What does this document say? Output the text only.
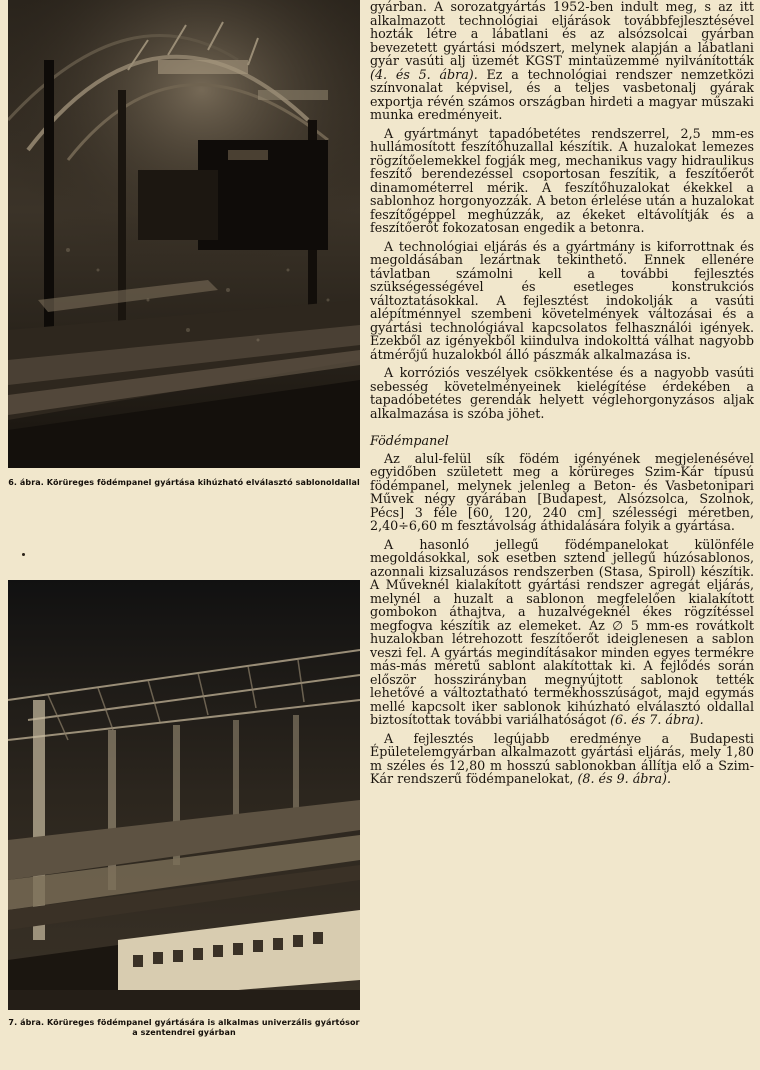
6. ábra. Körüreges födémpanel gyártása kihúzható elválasztó sablonoldallal
7. ábra. Körüreges födémpanel gyártására is alkalmas univerzális gyártósor a szentendrei gyárban

gyárban. A sorozatgyártás 1952-ben indult meg, s az itt alkalmazott technológiai eljárások továbbfejlesztésével hozták létre a lábatlani és az alsózsolcai gyárban bevezetett gyártási módszert, melynek alapján a lábatlani gyár vasúti alj üzemét KGST mintaüzemmé nyilvánították (4. és 5. ábra). Ez a technológiai rendszer nemzetközi színvonalat képvisel, és a teljes vasbetonalj gyárak exportja révén számos országban hirdeti a magyar műszaki munka eredményeit.

A gyártmányt tapadóbetétes rendszerrel, 2,5 mm-es hullámosított feszítőhuzallal készítik. A huzalokat lemezes rögzítőelemekkel fogják meg, mechanikus vagy hidraulikus feszítő berendezéssel csoportosan feszítik, a feszítőerőt dinamométerrel mérik. A feszítőhuzalokat ékekkel a sablonhoz horgonyozzák. A beton érlelése után a huzalokat feszítőgéppel meghúzzák, az ékeket eltávolítják és a feszítőerőt fokozatosan engedik a betonra.

A technológiai eljárás és a gyártmány is kiforrottnak és megoldásában lezártnak tekinthető. Ennek ellenére távlatban számolni kell a további fejlesztés szükségességével és esetleges konstrukciós változtatásokkal. A fejlesztést indokolják a vasúti alépítménnyel szembeni követelmények változásai és a gyártási technológiával kapcsolatos felhasználói igények. Ezekből az igényekből kiindulva indokolttá válhat nagyobb átmérőjű huzalokból álló pászmák alkalmazása is.

A korróziós veszélyek csökkentése és a nagyobb vasúti sebesség követelményeinek kielégítése érdekében a tapadóbetétes gerendák helyett véglehorgonyzásos aljak alkalmazása is szóba jöhet.

Födémpanel

Az alul-felül sík födém igényének megjelenésével egyidőben született meg a körüreges Szim-Kár típusú födémpanel, melynek jelenleg a Beton- és Vasbetonipari Művek négy gyárában [Budapest, Alsózsolca, Szolnok, Pécs] 3 féle [60, 120, 240 cm] szélességi méretben, 2,40÷6,60 m fesztávolság áthidalására folyik a gyártása.

A hasonló jellegű födémpanelokat különféle megoldásokkal, sok esetben sztend jellegű húzósablonos, azonnali kizsaluzásos rendszerben (Stasa, Spiroll) készítik. A Műveknél kialakított gyártási rendszer agregát eljárás, melynél a huzalt a sablonon megfelelően kialakított gombokon áthajtva, a huzalvégeknél ékes rögzítéssel megfogva készítik az elemeket. Az ∅ 5 mm-es rovátkolt huzalokban létrehozott feszítőerőt ideiglenesen a sablon veszi fel. A gyártás megindításakor minden egyes termékre más-más méretű sablont alakítottak ki. A fejlődés során először hosszirányban megnyújtott sablonok tették lehetővé a változtatható termékhosszúságot, majd egymás mellé kapcsolt iker sablonok kihúzható elválasztó oldallal biztosítottak további variálhatóságot (6. és 7. ábra).

A fejlesztés legújabb eredménye a Budapesti Épületelemgyárban alkalmazott gyártási eljárás, mely 1,80 m széles és 12,80 m hosszú sablonokban állítja elő a Szim-Kár rendszerű födémpanelokat, (8. és 9. ábra).
